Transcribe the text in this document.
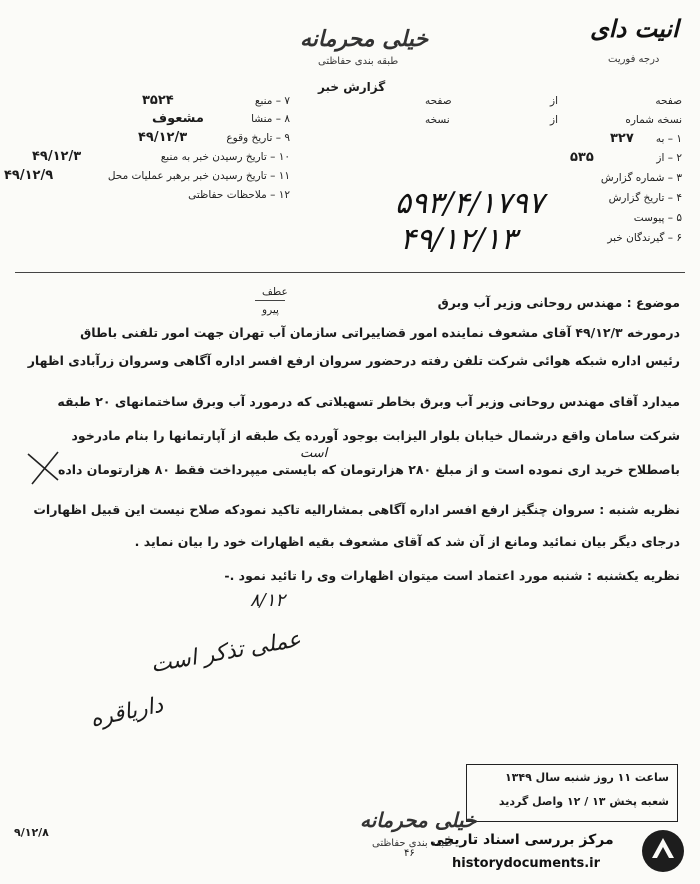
خیلی محرمانه
طبقه بندی حفاظتی
گزارش خبر
انیت دای
درجه فوریت
۷ – منبع
۳۵۲۴
۸ – منشا
مشعوف
۹ – تاریخ وقوع
۴۹/۱۲/۳
۱۰ – تاریخ رسیدن خبر به منبع
۴۹/۱۲/۳
۱۱ – تاریخ رسیدن خبر برهبر عملیات محل
۴۹/۱۲/۹
۱۲ – ملاحظات حفاظتی
صفحه
از
صفحه
نسخه شماره
از
نسخه
۱ – به
۳۲۷
۲ – از
۵۳۵
۳ – شماره گزارش
۴ – تاریخ گزارش
۵ – پیوست
۶ – گیرندگان خبر
۵۹۳/۴/۱۷۹۷
۴۹/۱۲/۱۳
عطف
پیرو	موضوع : مهندس روحانی وزیر آب وبرق
درمورخه ۴۹/۱۲/۳ آقای مشعوف نماینده امور قضاییراتی سازمان آب تهران جهت امور تلفنی باطاق
رئیس اداره شبکه هوائی شرکت تلفن رفته درحضور سروان ارفع افسر اداره آگاهی وسروان زرآبادی اظهار
میدارد آقای مهندس روحانی وزیر آب وبرق بخاطر تسهیلاتی که درمورد آب وبرق ساختمانهای ۲۰ طبقه
شرکت سامان واقع درشمال خیابان بلوار الیزابت بوجود آورده یک طبقه از آپارتمانها را بنام مادرخود
باصطلاح خرید اری نموده است و از مبلغ ۲۸۰ هزارتومان که بایستی میپرداخت فقط ۸۰ هزارتومان داده
نظریه شنبه : سروان چنگیز ارفع افسر اداره آگاهی بمشارالیه تاکید نمودکه صلاح نیست این قبیل اظهارات
درجای دیگر بیان نمائید ومانع از آن شد که آقای مشعوف بقیه اظهارات خود را بیان نماید .
نظریه یکشنبه : شنبه مورد اعتماد است میتوان اظهارات وی را تائید نمود .-
است
۸/۱۲
عملی تذکر است
داریاقره
ساعت ۱۱ روز شنبه سال ۱۳۴۹
شعبه پخش ۱۳ / ۱۲ واصل گردید
خیلی محرمانه
طبقه بندی حفاظتی
۹/۱۲/۸	مرکز بررسی اسناد تاریخی
historydocuments.ir
۴۶
